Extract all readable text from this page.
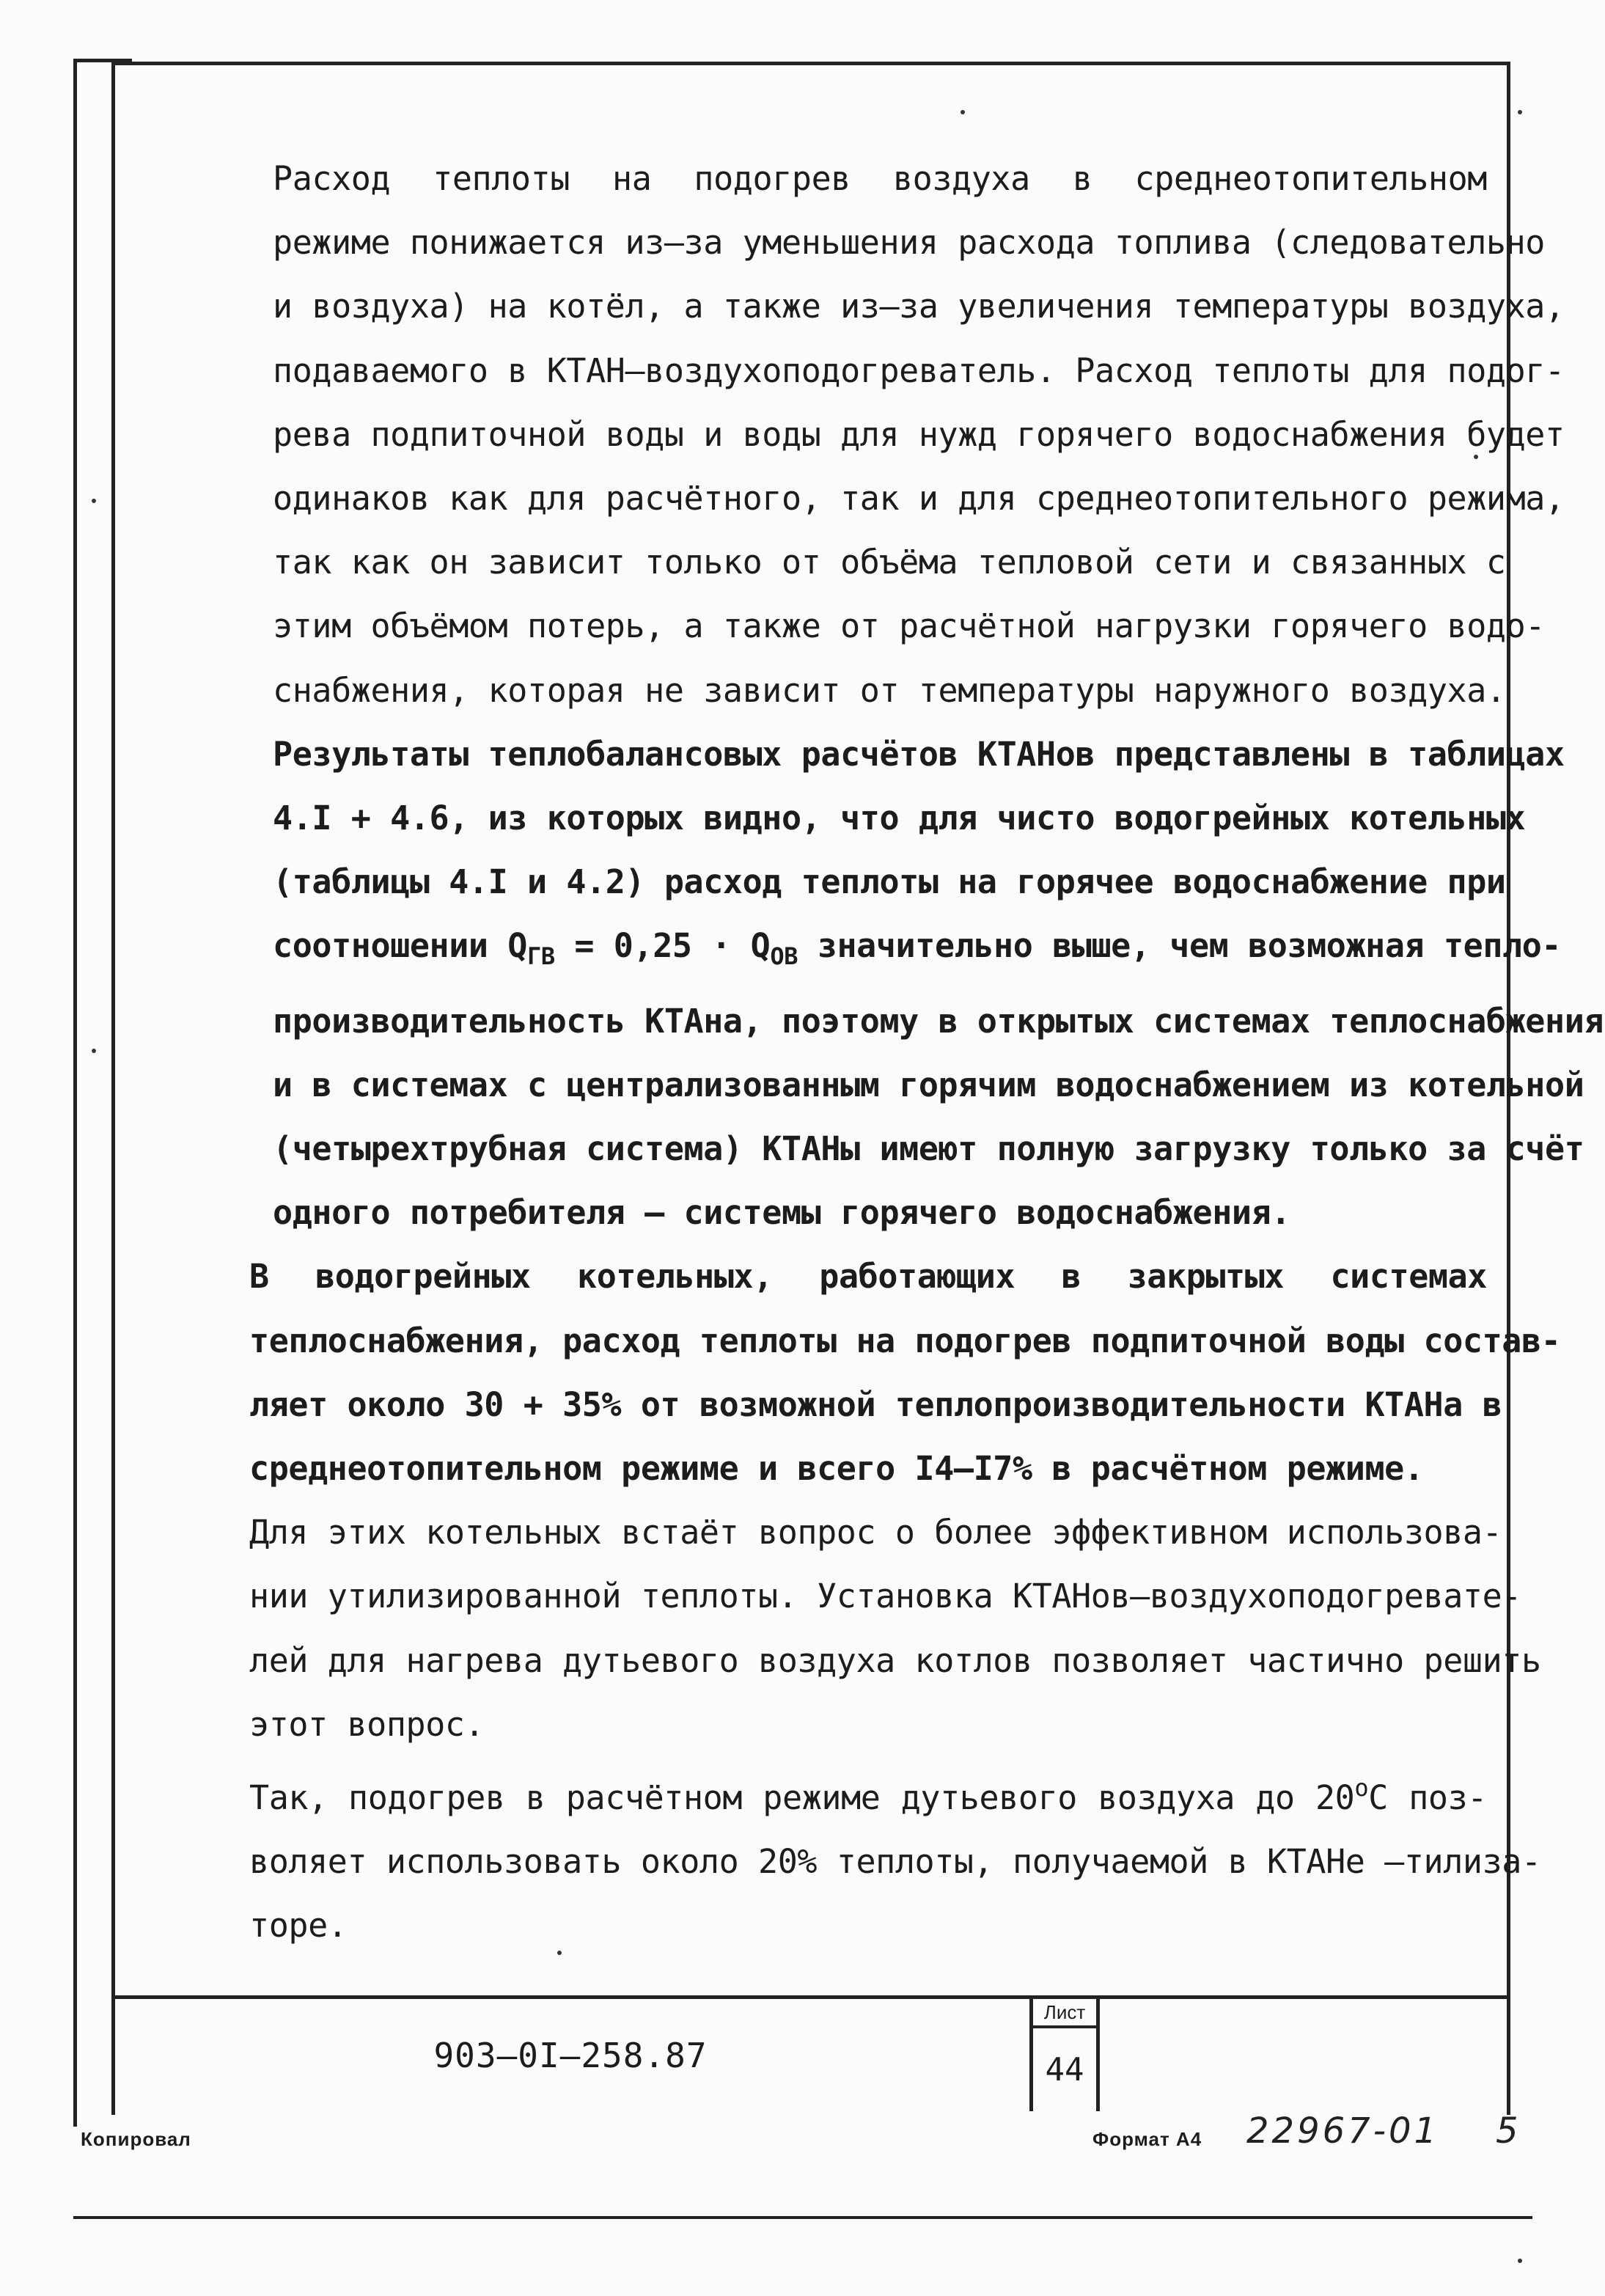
Расход теплоты на подогрев воздуха в среднеотопительном
режиме понижается из–за уменьшения расхода топлива (следовательно
и воздуха) на котёл, а также из–за увеличения температуры воздуха,
подаваемого в КТАН–воздухоподогреватель. Расход теплоты для подог-
рева подпиточной воды и воды для нужд горячего водоснабжения будет
одинаков как для расчётного, так и для среднеотопительного режима,
так как он зависит только от объёма тепловой сети и связанных с
этим объёмом потерь, а также от расчётной нагрузки горячего водо-
снабжения, которая не зависит от температуры наружного воздуха.
Результаты теплобалансовых расчётов КТАНов представлены в таблицах
4.I + 4.6, из которых видно, что для чисто водогрейных котельных
(таблицы 4.I и 4.2) расход теплоты на горячее водоснабжение при
соотношении $Q_{ГВ} = 0,25 \cdot Q_{ОВ}$ значительно выше, чем возможная тепло-
производительность КТАна, поэтому в открытых системах теплоснабжения
и в системах с централизованным горячим водоснабжением из котельной
(четырехтрубная система) КТАНы имеют полную загрузку только за счёт
одного потребителя – системы горячего водоснабжения.

В водогрейных котельных, работающих в закрытых системах
теплоснабжения, расход теплоты на подогрев подпиточной воды состав-
ляет около 30 + 35% от возможной теплопроизводительности КТАНа в
среднеотопительном режиме и всего I4–I7% в расчётном режиме.

Для этих котельных встаёт вопрос о более эффективном использова-
нии утилизированной теплоты. Установка КТАНов–воздухоподогревате-
лей для нагрева дутьевого воздуха котлов позволяет частично решить
этот вопрос.

Так, подогрев в расчётном режиме дутьевого воздуха до $20^оС$ поз-
воляет использовать около 20% теплоты, получаемой в КТАНе –тилиза-
торе.

903–0I–258.87
Лист
44
Копировал	Формат А4 22967-01 5
